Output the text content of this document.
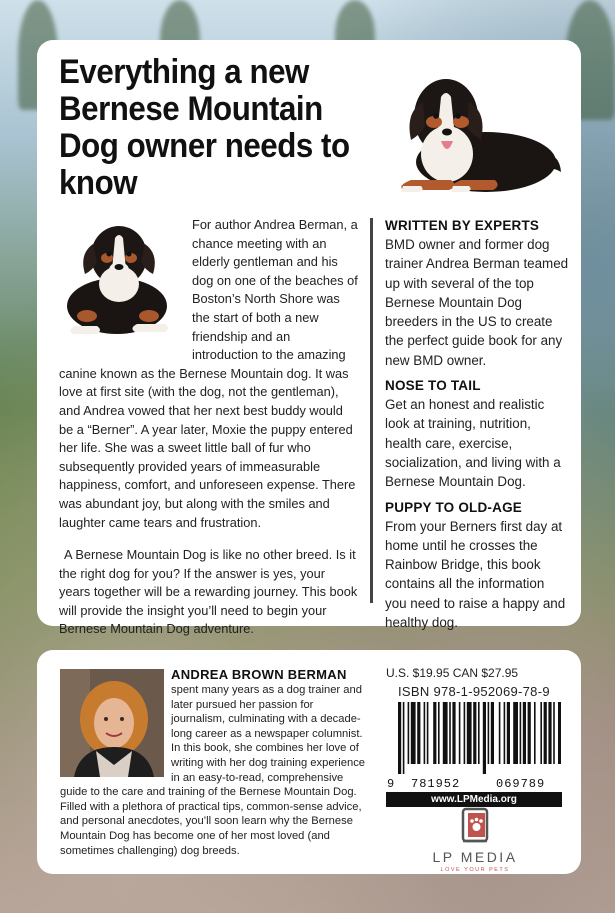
Everything a new Bernese Mountain Dog owner needs to know

For author Andrea Berman, a chance meeting with an elderly gentleman and his dog on one of the beaches of Boston’s North Shore was the start of both a new friendship and an introduction to the amazing canine known as the Bernese Mountain dog. It was love at first site (with the dog, not the gentleman), and Andrea vowed that her next best buddy would be a “Berner”. A year later, Moxie the puppy entered her life. She was a sweet little ball of fur who subsequently provided years of immeasurable happiness, comfort, and unforeseen expense. There was abundant joy, but along with the smiles and laughter came tears and frustration.

A Bernese Mountain Dog is like no other breed. Is it the right dog for you? If the answer is yes, your years together will be a rewarding journey. This book will provide the insight you’ll need to begin your Bernese Mountain Dog adventure.

WRITTEN BY EXPERTS

BMD owner and former dog trainer Andrea Berman teamed up with several of the top Bernese Mountain Dog breeders in the US to create the perfect guide book for any new BMD owner.

NOSE TO TAIL

Get an honest and realistic look at training, nutrition, health care, exercise, socialization, and living with a Bernese Mountain Dog.

PUPPY TO OLD-AGE

From your Berners first day at home until he crosses the Rainbow Bridge, this book contains all the information you need to raise a happy and healthy dog.

ANDREA BROWN BERMAN

spent many years as a dog trainer and later pursued her passion for journalism, culminating with a decade-long career as a newspaper columnist. In this book, she combines her love of writing with her dog training experience in an easy-to-read, comprehensive guide to the care and training of the Bernese Mountain Dog. Filled with a plethora of practical tips, common-sense advice, and personal anecdotes, you’ll soon learn why the Bernese Mountain Dog has become one of her most loved (and sometimes challenging) dog breeds.

U.S. $19.95 CAN $27.95
ISBN 978-1-952069-78-9
9 781952	069789
www.LPMedia.org
LP MEDIA
LOVE YOUR PETS
